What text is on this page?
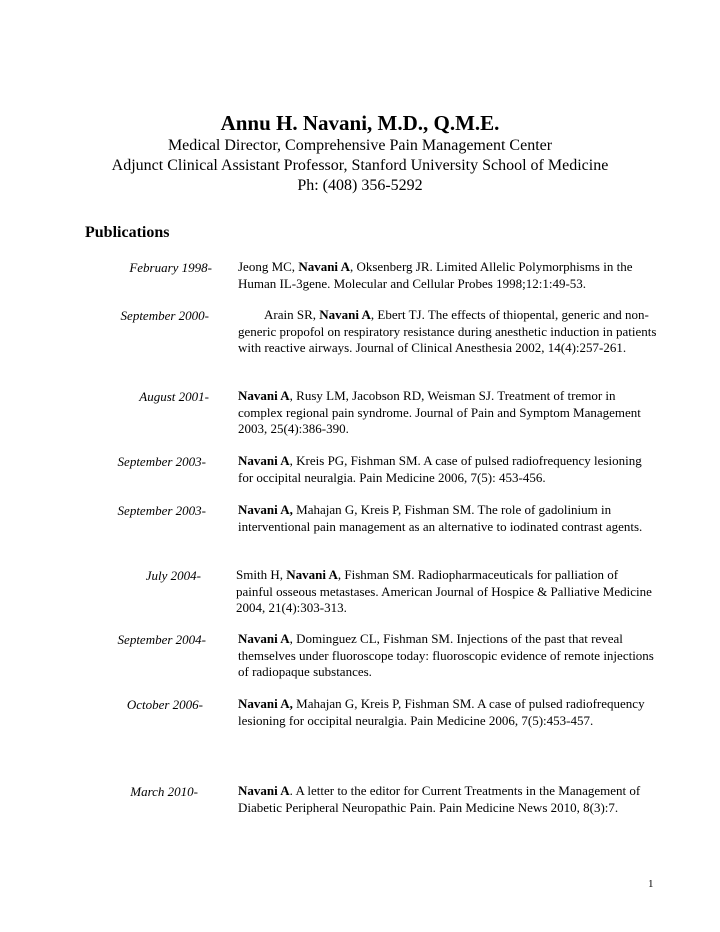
Annu H. Navani, M.D., Q.M.E.

Medical Director, Comprehensive Pain Management Center

Adjunct Clinical Assistant Professor, Stanford University School of Medicine

Ph: (408) 356-5292

Publications

February 1998- Jeong MC, Navani A, Oksenberg JR. Limited Allelic Polymorphisms in the Human IL-3gene. Molecular and Cellular Probes 1998;12:1:49-53.
September 2000-	Arain SR, Navani A, Ebert TJ. The effects of thiopental, generic and non-generic propofol on respiratory resistance during anesthetic induction in patients with reactive airways. Journal of Clinical Anesthesia 2002, 14(4):257-261.
August 2001- Navani A, Rusy LM, Jacobson RD, Weisman SJ. Treatment of tremor in complex regional pain syndrome. Journal of Pain and Symptom Management 2003, 25(4):386-390.
September 2003- Navani A, Kreis PG, Fishman SM. A case of pulsed radiofrequency lesioning for occipital neuralgia. Pain Medicine 2006, 7(5): 453-456.
September 2003- Navani A, Mahajan G, Kreis P, Fishman SM. The role of gadolinium in interventional pain management as an alternative to iodinated contrast agents.
July 2004-	Smith H, Navani A, Fishman SM. Radiopharmaceuticals for palliation of painful osseous metastases. American Journal of Hospice & Palliative Medicine 2004, 21(4):303-313.
September 2004- Navani A, Dominguez CL, Fishman SM. Injections of the past that reveal themselves under fluoroscope today: fluoroscopic evidence of remote injections of radiopaque substances.
October 2006-	Navani A, Mahajan G, Kreis P, Fishman SM. A case of pulsed radiofrequency lesioning for occipital neuralgia. Pain Medicine 2006, 7(5):453-457.
March 2010-	Navani A. A letter to the editor for Current Treatments in the Management of Diabetic Peripheral Neuropathic Pain. Pain Medicine News 2010, 8(3):7.
1
